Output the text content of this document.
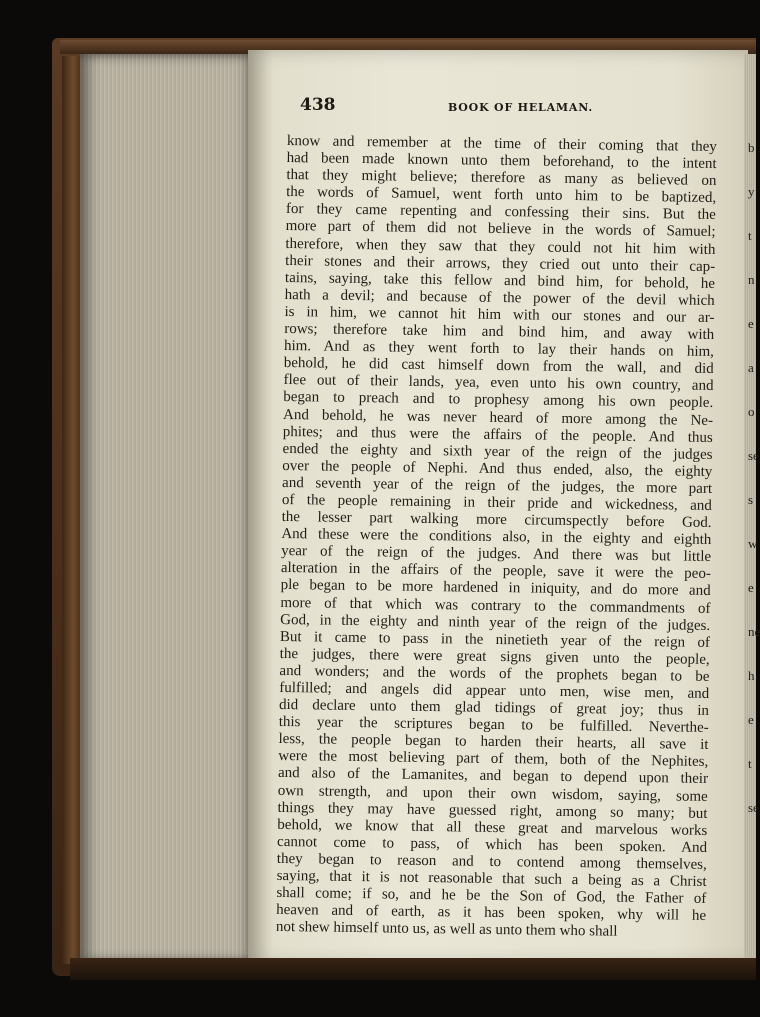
438	BOOK OF HELAMAN.
know and remember at the time of their coming that they
had been made known unto them beforehand, to the intent
that they might believe; therefore as many as believed on
the words of Samuel, went forth unto him to be baptized,
for they came repenting and confessing their sins. But the
more part of them did not believe in the words of Samuel;
therefore, when they saw that they could not hit him with
their stones and their arrows, they cried out unto their cap-
tains, saying, take this fellow and bind him, for behold, he
hath a devil; and because of the power of the devil which
is in him, we cannot hit him with our stones and our ar-
rows; therefore take him and bind him, and away with
him. And as they went forth to lay their hands on him,
behold, he did cast himself down from the wall, and did
flee out of their lands, yea, even unto his own country, and
began to preach and to prophesy among his own people.
And behold, he was never heard of more among the Ne-
phites; and thus were the affairs of the people. And thus
ended the eighty and sixth year of the reign of the judges
over the people of Nephi. And thus ended, also, the eighty
and seventh year of the reign of the judges, the more part
of the people remaining in their pride and wickedness, and
the lesser part walking more circumspectly before God.
And these were the conditions also, in the eighty and eighth
year of the reign of the judges. And there was but little
alteration in the affairs of the people, save it were the peo-
ple began to be more hardened in iniquity, and do more and
more of that which was contrary to the commandments of
God, in the eighty and ninth year of the reign of the judges.
But it came to pass in the ninetieth year of the reign of
the judges, there were great signs given unto the people,
and wonders; and the words of the prophets began to be
fulfilled; and angels did appear unto men, wise men, and
did declare unto them glad tidings of great joy; thus in
this year the scriptures began to be fulfilled. Neverthe-
less, the people began to harden their hearts, all save it
were the most believing part of them, both of the Nephites,
and also of the Lamanites, and began to depend upon their
own strength, and upon their own wisdom, saying, some
things they may have guessed right, among so many; but
behold, we know that all these great and marvelous works
cannot come to pass, of which has been spoken. And
they began to reason and to contend among themselves,
saying, that it is not reasonable that such a being as a Christ
shall come; if so, and he be the Son of God, the Father of
heaven and of earth, as it has been spoken, why will he
not shew himself unto us, as well as unto them who shall
b
y
t
n
e
a
o
se
s
w
e
ne
h
e
t
se
